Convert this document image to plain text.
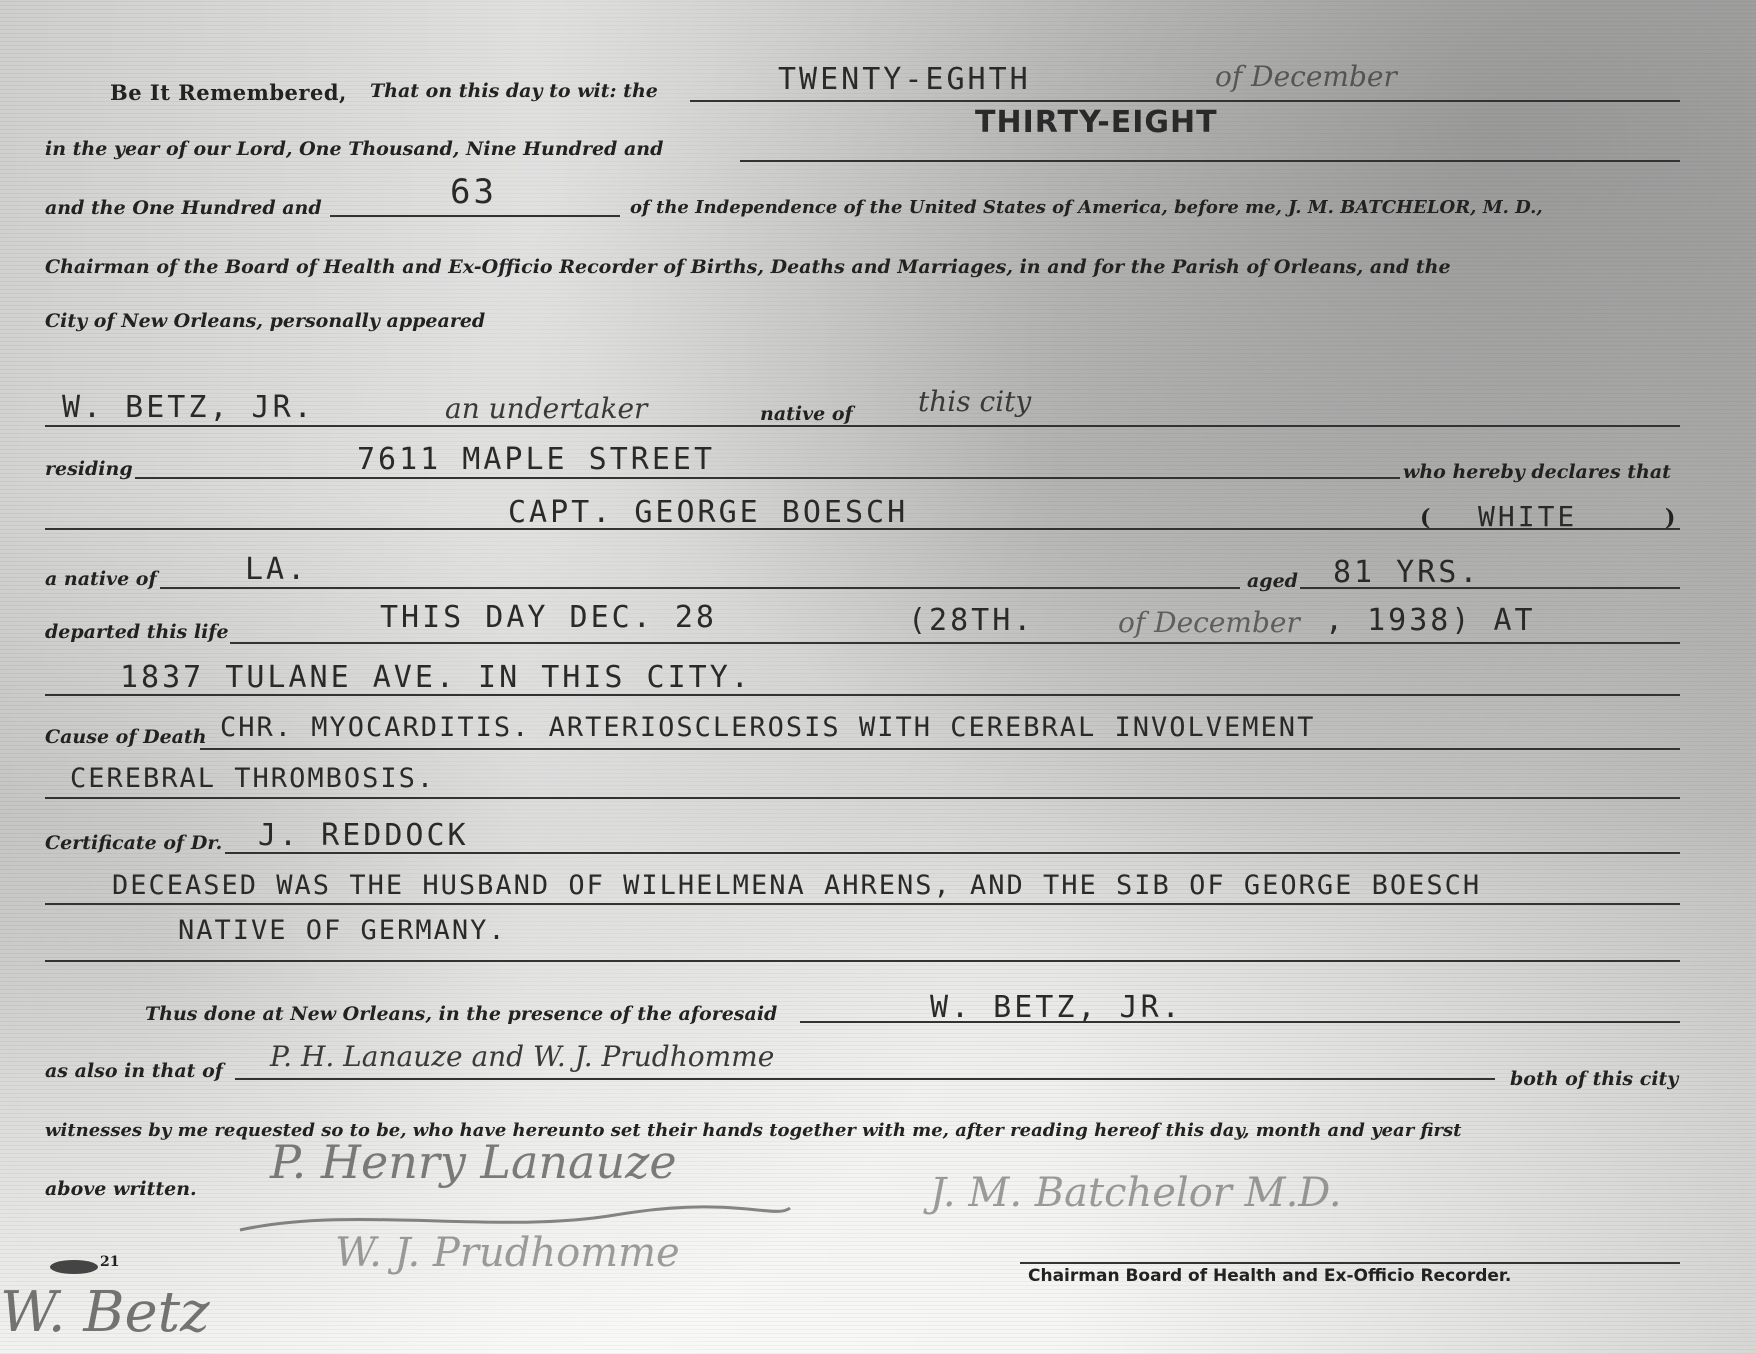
Be It Remembered, That on this day to wit: the	TWENTY-EGHTH	of December
in the year of our Lord, One Thousand, Nine Hundred and
THIRTY-EIGHT
and the One Hundred and	63	of the Independence of the United States of America, before me, J. M. BATCHELOR, M. D.,
Chairman of the Board of Health and Ex-Officio Recorder of Births, Deaths and Marriages, in and for the Parish of Orleans, and the
City of New Orleans, personally appeared
W. BETZ, JR.	an undertaker	native of this city
residing	7611 MAPLE STREET	who hereby declares that
CAPT. GEORGE BOESCH	( WHITE	)
a native of	LA.	aged 81 YRS.
departed this life	THIS DAY DEC. 28	(28TH.	of December , 1938) AT
1837 TULANE AVE. IN THIS CITY.
Cause of Death CHR. MYOCARDITIS. ARTERIOSCLEROSIS WITH CEREBRAL INVOLVEMENT
CEREBRAL THROMBOSIS.
Certificate of Dr. J. REDDOCK
DECEASED WAS THE HUSBAND OF WILHELMENA AHRENS, AND THE SIB OF GEORGE BOESCH
NATIVE OF GERMANY.
Thus done at New Orleans, in the presence of the aforesaid	W. BETZ, JR.
as also in that of P. H. Lanauze and W. J. Prudhomme
both of this city
witnesses by me requested so to be, who have hereunto set their hands together with me, after reading hereof this day, month and year first
above written. P. Henry Lanauze
W. J. Prudhomme
J. M. Batchelor M.D.
Chairman Board of Health and Ex-Officio Recorder.
21
W. Betz
